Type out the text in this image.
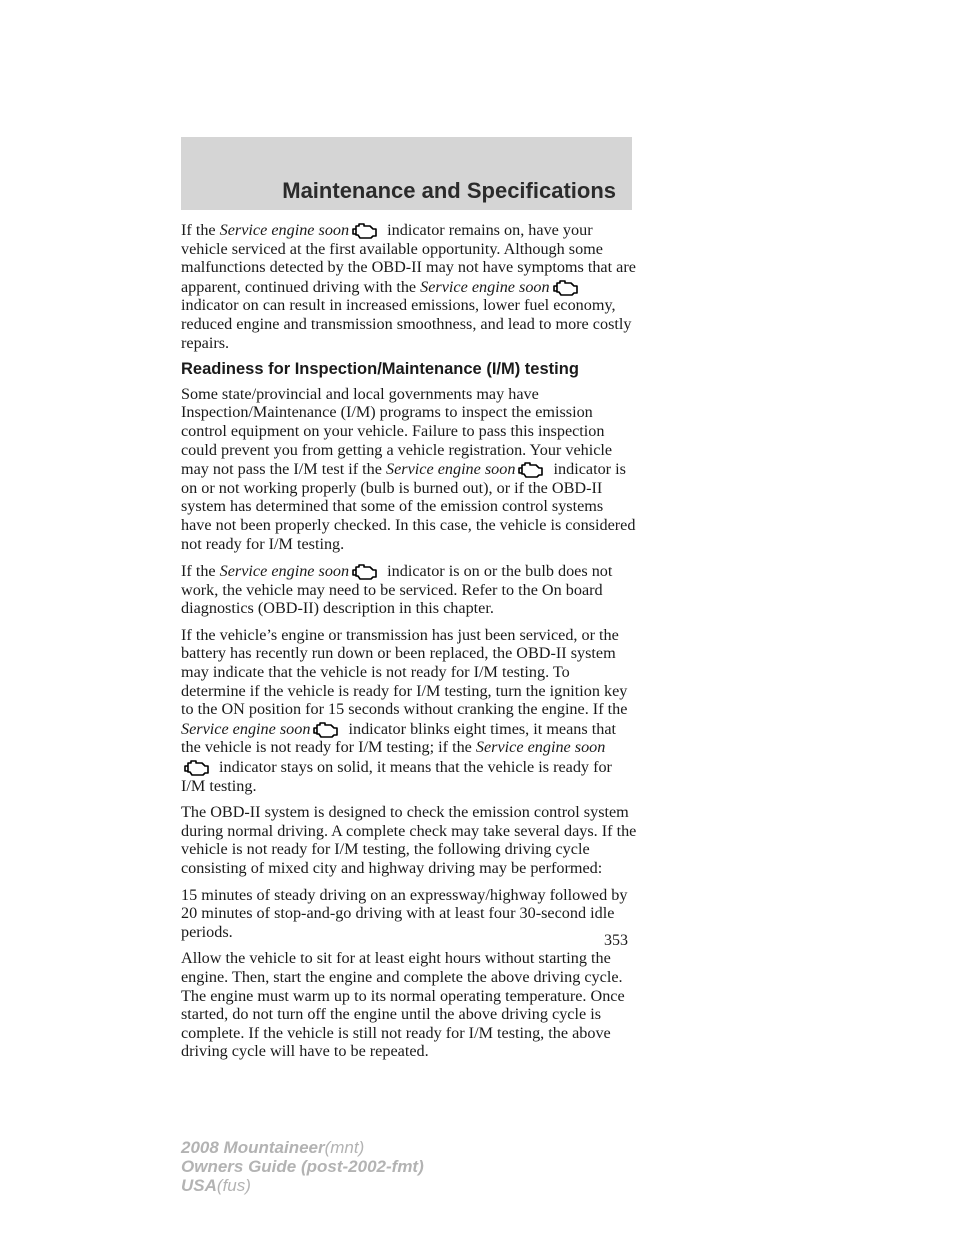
Maintenance and Specifications

If the Service engine soon indicator remains on, have your vehicle serviced at the first available opportunity. Although some malfunctions detected by the OBD-II may not have symptoms that are apparent, continued driving with the Service engine soon
indicator on can result in increased emissions, lower fuel economy, reduced engine and transmission smoothness, and lead to more costly repairs.

Readiness for Inspection/Maintenance (I/M) testing

Some state/provincial and local governments may have Inspection/Maintenance (I/M) programs to inspect the emission control equipment on your vehicle. Failure to pass this inspection could prevent you from getting a vehicle registration. Your vehicle may not pass the I/M test if the Service engine soon indicator is on or not working properly (bulb is burned out), or if the OBD-II system has determined that some of the emission control systems have not been properly checked. In this case, the vehicle is considered not ready for I/M testing.

If the Service engine soon indicator is on or the bulb does not work, the vehicle may need to be serviced. Refer to the On board diagnostics (OBD-II) description in this chapter.

If the vehicle’s engine or transmission has just been serviced, or the battery has recently run down or been replaced, the OBD-II system may indicate that the vehicle is not ready for I/M testing. To determine if the vehicle is ready for I/M testing, turn the ignition key to the ON position for 15 seconds without cranking the engine. If the Service engine soon indicator blinks eight times, it means that the vehicle is not ready for I/M testing; if the Service engine soon
indicator stays on solid, it means that the vehicle is ready for I/M testing.

The OBD-II system is designed to check the emission control system during normal driving. A complete check may take several days. If the vehicle is not ready for I/M testing, the following driving cycle consisting of mixed city and highway driving may be performed:

15 minutes of steady driving on an expressway/highway followed by 20 minutes of stop-and-go driving with at least four 30-second idle periods.

Allow the vehicle to sit for at least eight hours without starting the engine. Then, start the engine and complete the above driving cycle. The engine must warm up to its normal operating temperature. Once started, do not turn off the engine until the above driving cycle is complete. If the vehicle is still not ready for I/M testing, the above driving cycle will have to be repeated.

353
2008 Mountaineer(mnt)
Owners Guide (post-2002-fmt)
USA(fus)
